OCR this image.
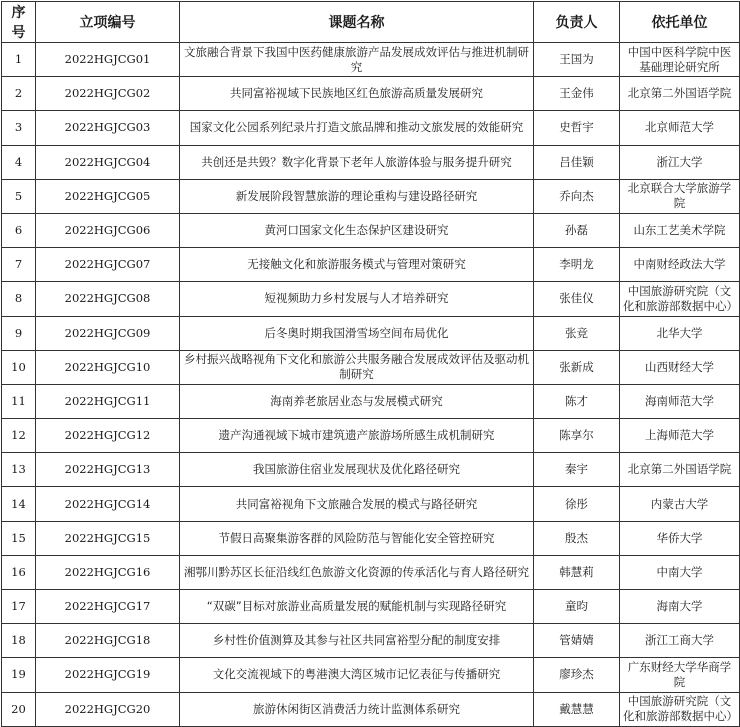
序号	立项编号	课题名称	负责人	依托单位
1	2022HGJCG01	文旅融合背景下我国中医药健康旅游产品发展成效评估与推进机制研究	王国为	中国中医科学院中医基础理论研究所
2	2022HGJCG02	共同富裕视域下民族地区红色旅游高质量发展研究	王金伟	北京第二外国语学院
3	2022HGJCG03	国家文化公园系列纪录片打造文旅品牌和推动文旅发展的效能研究	史哲宇	北京师范大学
4	2022HGJCG04	共创还是共毁？数字化背景下老年人旅游体验与服务提升研究	吕佳颖	浙江大学
5	2022HGJCG05	新发展阶段智慧旅游的理论重构与建设路径研究	乔向杰	北京联合大学旅游学院
6	2022HGJCG06	黄河口国家文化生态保护区建设研究	孙磊	山东工艺美术学院
7	2022HGJCG07	无接触文化和旅游服务模式与管理对策研究	李明龙	中南财经政法大学
8	2022HGJCG08	短视频助力乡村发展与人才培养研究	张佳仪	中国旅游研究院（文化和旅游部数据中心）
9	2022HGJCG09	后冬奥时期我国滑雪场空间布局优化	张竞	北华大学
10	2022HGJCG10	乡村振兴战略视角下文化和旅游公共服务融合发展成效评估及驱动机制研究	张新成	山西财经大学
11	2022HGJCG11	海南养老旅居业态与发展模式研究	陈才	海南师范大学
12	2022HGJCG12	遗产沟通视域下城市建筑遗产旅游场所感生成机制研究	陈享尔	上海师范大学
13	2022HGJCG13	我国旅游住宿业发展现状及优化路径研究	秦宇	北京第二外国语学院
14	2022HGJCG14	共同富裕视角下文旅融合发展的模式与路径研究	徐彤	内蒙古大学
15	2022HGJCG15	节假日高聚集游客群的风险防范与智能化安全管控研究	殷杰	华侨大学
16	2022HGJCG16	湘鄂川黔苏区长征沿线红色旅游文化资源的传承活化与育人路径研究	韩慧莉	中南大学
17	2022HGJCG17	“双碳”目标对旅游业高质量发展的赋能机制与实现路径研究	童昀	海南大学
18	2022HGJCG18	乡村性价值测算及其参与社区共同富裕型分配的制度安排	管婧婧	浙江工商大学
19	2022HGJCG19	文化交流视域下的粤港澳大湾区城市记忆表征与传播研究	廖珍杰	广东财经大学华商学院
20	2022HGJCG20	旅游休闲街区消费活力统计监测体系研究	戴慧慧	中国旅游研究院（文化和旅游部数据中心）
